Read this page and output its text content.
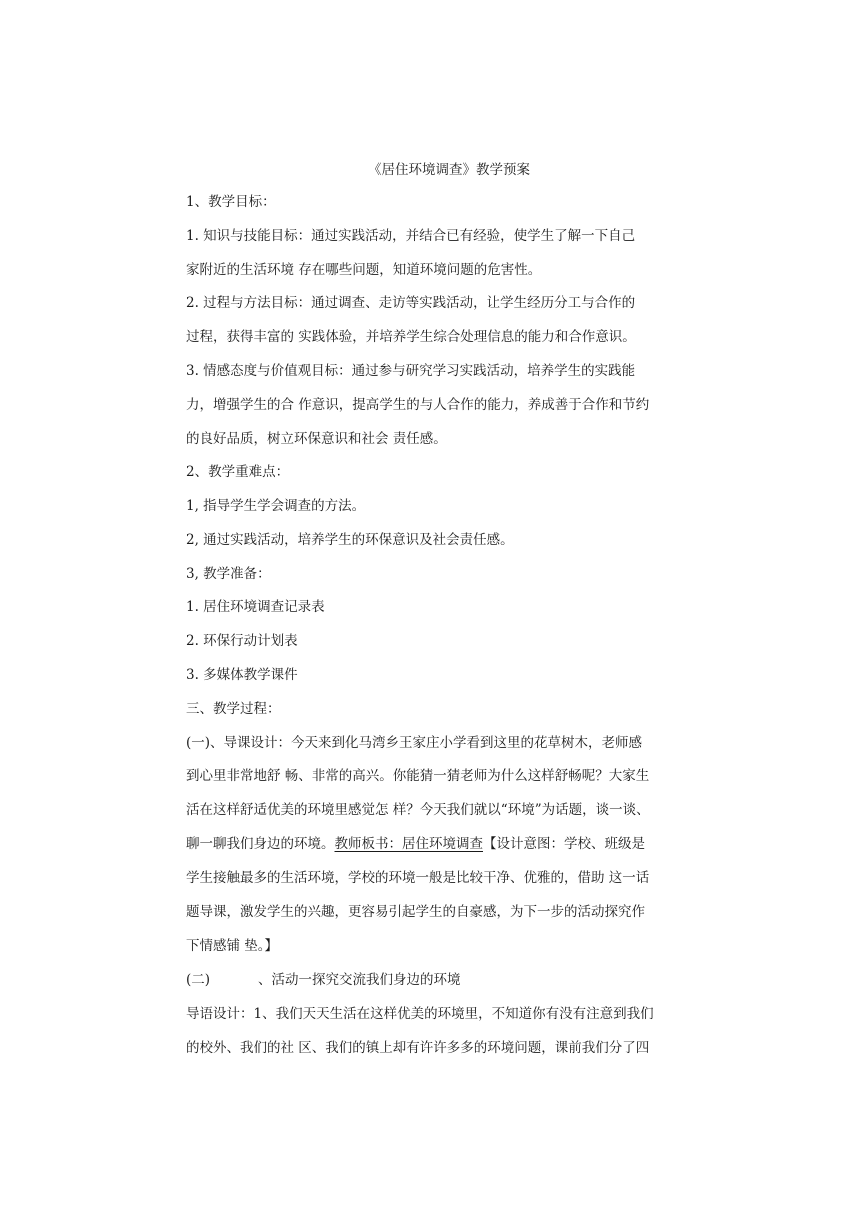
《居住环境调查》教学预案

1、教学目标：

1. 知识与技能目标：通过实践活动，并结合已有经验，使学生了解一下自己

家附近的生活环境 存在哪些问题，知道环境问题的危害性。

2. 过程与方法目标：通过调查、走访等实践活动，让学生经历分工与合作的

过程，获得丰富的 实践体验，并培养学生综合处理信息的能力和合作意识。

3. 情感态度与价值观目标：通过参与研究学习实践活动，培养学生的实践能

力，增强学生的合 作意识，提高学生的与人合作的能力，养成善于合作和节约

的良好品质，树立环保意识和社会 责任感。

2、教学重难点：

1, 指导学生学会调查的方法。

2, 通过实践活动，培养学生的环保意识及社会责任感。

3, 教学准备：

1. 居住环境调查记录表

2. 环保行动计划表

3. 多媒体教学课件

三、教学过程：

(一)、导课设计：今天来到化马湾乡王家庄小学看到这里的花草树木，老师感

到心里非常地舒 畅、非常的高兴。你能猜一猜老师为什么这样舒畅呢？大家生

活在这样舒适优美的环境里感觉怎 样？今天我们就以“环境”为话题，谈一谈、

聊一聊我们身边的环境。教师板书：居住环境调查【设计意图：学校、班级是

学生接触最多的生活环境，学校的环境一般是比较干净、优雅的，借助 这一话

题导课，激发学生的兴趣，更容易引起学生的自豪感，为下一步的活动探究作

下情感铺 垫。】

(二)	、活动一探究交流我们身边的环境

导语设计：1、我们天天生活在这样优美的环境里，不知道你有没有注意到我们

的校外、我们的社 区、我们的镇上却有许许多多的环境问题，课前我们分了四
